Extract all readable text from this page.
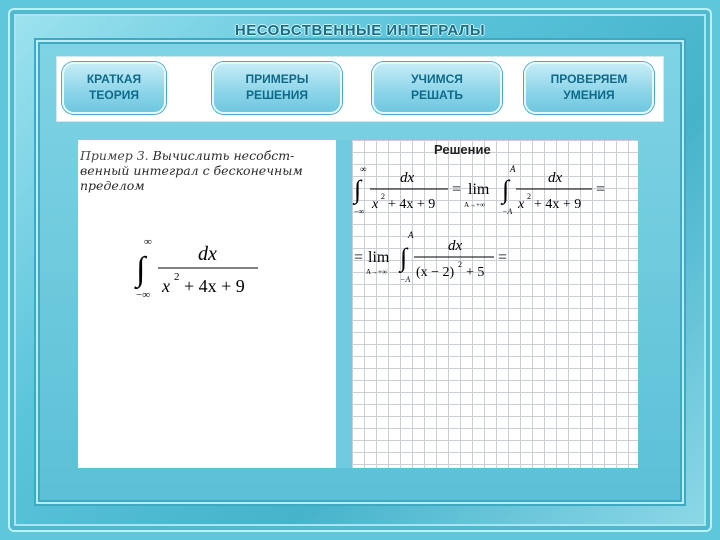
НЕСОБСТВЕННЫЕ ИНТЕГРАЛЫ
КРАТКАЯ
ТЕОРИЯ
ПРИМЕРЫ
РЕШЕНИЯ
УЧИМСЯ
РЕШАТЬ
ПРОВЕРЯЕМ
УМЕНИЯ
Пример 3. Вычислить несобст-венный интеграл с бесконечным пределом
∞
∫
−∞
dx
x 2 + 4x + 9
Решение
∞
∫
−∞
dx
x
2
+ 4x + 9
= lim
A→+∞
A
∫
−A
dx
x
2
+ 4x + 9
=
= lim
A→+∞
A
∫
−A
dx
(x − 2)
2
+ 5
=
